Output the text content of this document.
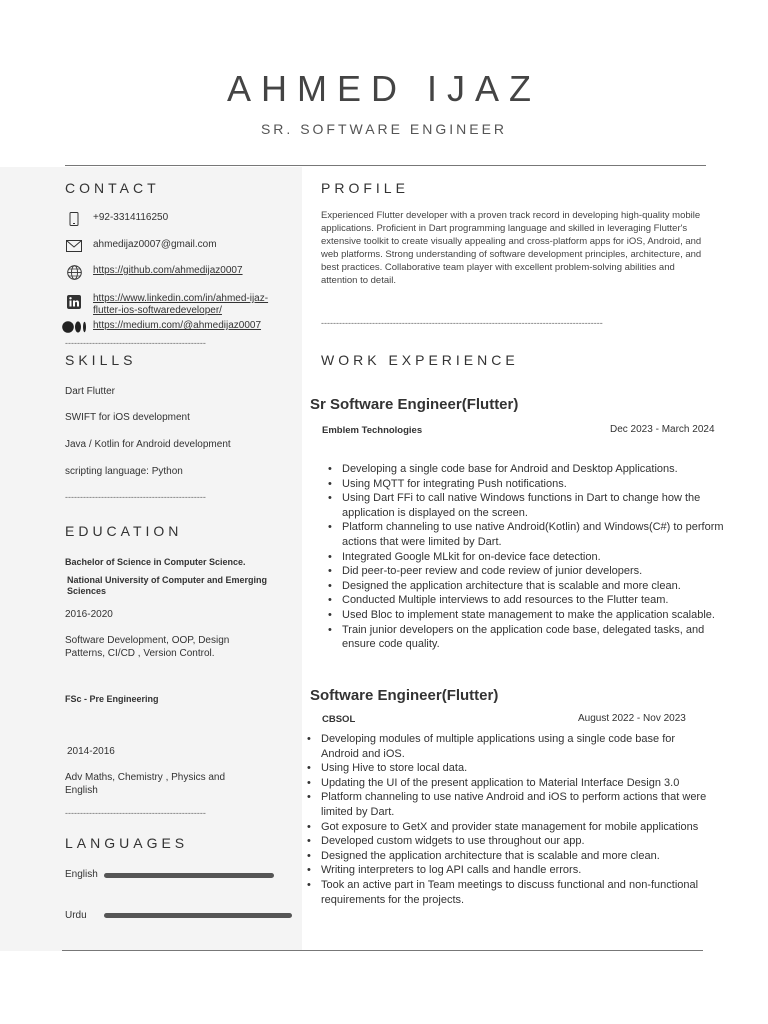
AHMED IJAZ
SR. SOFTWARE ENGINEER
CONTACT
+92-3314116250
ahmedijaz0007@gmail.com
https://github.com/ahmedijaz0007
https://www.linkedin.com/in/ahmed-ijaz-
flutter-ios-softwaredeveloper/
https://medium.com/@ahmedijaz0007
-----------------------------------------------
SKILLS
Dart Flutter
SWIFT for iOS development
Java / Kotlin for Android development
scripting language: Python
-----------------------------------------------
EDUCATION
Bachelor of Science in Computer Science.
National University of Computer and Emerging Sciences
2016-2020
Software Development, OOP, Design Patterns, CI/CD , Version Control.
FSc - Pre Engineering
2014-2016
Adv Maths, Chemistry , Physics and English
-----------------------------------------------
LANGUAGES
English
Urdu
PROFILE
Experienced Flutter developer with a proven track record in developing high-quality mobile applications. Proficient in Dart programming language and skilled in leveraging Flutter's extensive toolkit to create visually appealing and cross-platform apps for iOS, Android, and web platforms. Strong understanding of software development principles, architecture, and best practices. Collaborative team player with excellent problem-solving abilities and attention to detail.
----------------------------------------------------------------------------------------------
WORK EXPERIENCE
Sr Software Engineer(Flutter)
Emblem Technologies	Dec 2023 - March 2024
• Developing a single code base for Android and Desktop Applications.
• Using MQTT for integrating Push notifications.
• Using Dart FFi to call native Windows functions in Dart to change how the application is displayed on the screen.
• Platform channeling to use native Android(Kotlin) and Windows(C#) to perform actions that were limited by Dart.
• Integrated Google MLkit for on-device face detection.
• Did peer-to-peer review and code review of junior developers.
• Designed the application architecture that is scalable and more clean.
• Conducted Multiple interviews to add resources to the Flutter team.
• Used Bloc to implement state management to make the application scalable.
• Train junior developers on the application code base, delegated tasks, and ensure code quality.
Software Engineer(Flutter)
CBSOL	August 2022 - Nov 2023
• Developing modules of multiple applications using a single code base for Android and iOS.
• Using Hive to store local data.
• Updating the UI of the present application to Material Interface Design 3.0
• Platform channeling to use native Android and iOS to perform actions that were limited by Dart.
• Got exposure to GetX and provider state management for mobile applications
• Developed custom widgets to use throughout our app.
• Designed the application architecture that is scalable and more clean.
• Writing interpreters to log API calls and handle errors.
• Took an active part in Team meetings to discuss functional and non-functional requirements for the projects.
